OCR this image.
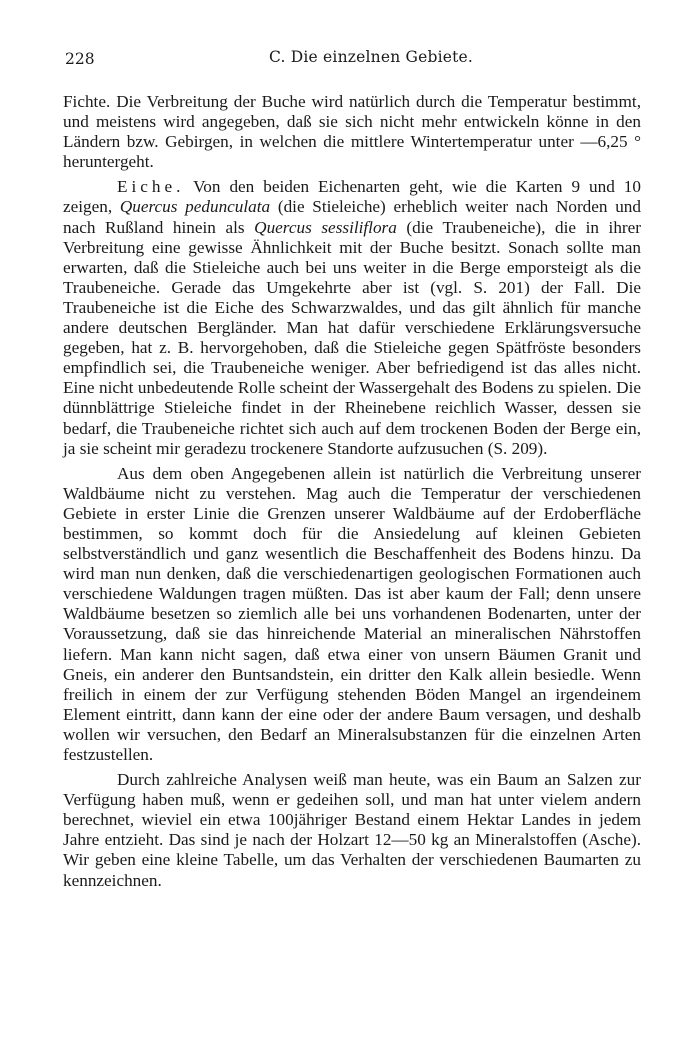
228	C. Die einzelnen Gebiete.

Fichte. Die Verbreitung der Buche wird natürlich durch die Temperatur bestimmt, und meistens wird angegeben, daß sie sich nicht mehr entwickeln könne in den Ländern bzw. Gebirgen, in welchen die mittlere Wintertemperatur unter —6,25 ° heruntergeht.

Eiche. Von den beiden Eichenarten geht, wie die Karten 9 und 10 zeigen, Quercus pedunculata (die Stieleiche) erheblich weiter nach Norden und nach Rußland hinein als Quercus sessiliflora (die Traubeneiche), die in ihrer Verbreitung eine gewisse Ähnlichkeit mit der Buche besitzt. Sonach sollte man erwarten, daß die Stieleiche auch bei uns weiter in die Berge emporsteigt als die Traubeneiche. Gerade das Umgekehrte aber ist (vgl. S. 201) der Fall. Die Traubeneiche ist die Eiche des Schwarzwaldes, und das gilt ähnlich für manche andere deutschen Bergländer. Man hat dafür verschiedene Erklärungsversuche gegeben, hat z. B. hervorgehoben, daß die Stieleiche gegen Spätfröste besonders empfindlich sei, die Traubeneiche weniger. Aber befriedigend ist das alles nicht. Eine nicht unbedeutende Rolle scheint der Wassergehalt des Bodens zu spielen. Die dünnblättrige Stieleiche findet in der Rheinebene reichlich Wasser, dessen sie bedarf, die Traubeneiche richtet sich auch auf dem trockenen Boden der Berge ein, ja sie scheint mir geradezu trockenere Standorte aufzusuchen (S. 209).

Aus dem oben Angegebenen allein ist natürlich die Verbreitung unserer Waldbäume nicht zu verstehen. Mag auch die Temperatur der verschiedenen Gebiete in erster Linie die Grenzen unserer Waldbäume auf der Erdoberfläche bestimmen, so kommt doch für die Ansiedelung auf kleinen Gebieten selbstverständlich und ganz wesentlich die Beschaffenheit des Bodens hinzu. Da wird man nun denken, daß die verschiedenartigen geologischen Formationen auch verschiedene Waldungen tragen müßten. Das ist aber kaum der Fall; denn unsere Waldbäume besetzen so ziemlich alle bei uns vorhandenen Bodenarten, unter der Voraussetzung, daß sie das hinreichende Material an mineralischen Nährstoffen liefern. Man kann nicht sagen, daß etwa einer von unsern Bäumen Granit und Gneis, ein anderer den Buntsandstein, ein dritter den Kalk allein besiedle. Wenn freilich in einem der zur Verfügung stehenden Böden Mangel an irgendeinem Element eintritt, dann kann der eine oder der andere Baum versagen, und deshalb wollen wir versuchen, den Bedarf an Mineralsubstanzen für die einzelnen Arten festzustellen.

Durch zahlreiche Analysen weiß man heute, was ein Baum an Salzen zur Verfügung haben muß, wenn er gedeihen soll, und man hat unter vielem andern berechnet, wieviel ein etwa 100jähriger Bestand einem Hektar Landes in jedem Jahre entzieht. Das sind je nach der Holzart 12—50 kg an Mineralstoffen (Asche). Wir geben eine kleine Tabelle, um das Verhalten der verschiedenen Baumarten zu kennzeichnen.
